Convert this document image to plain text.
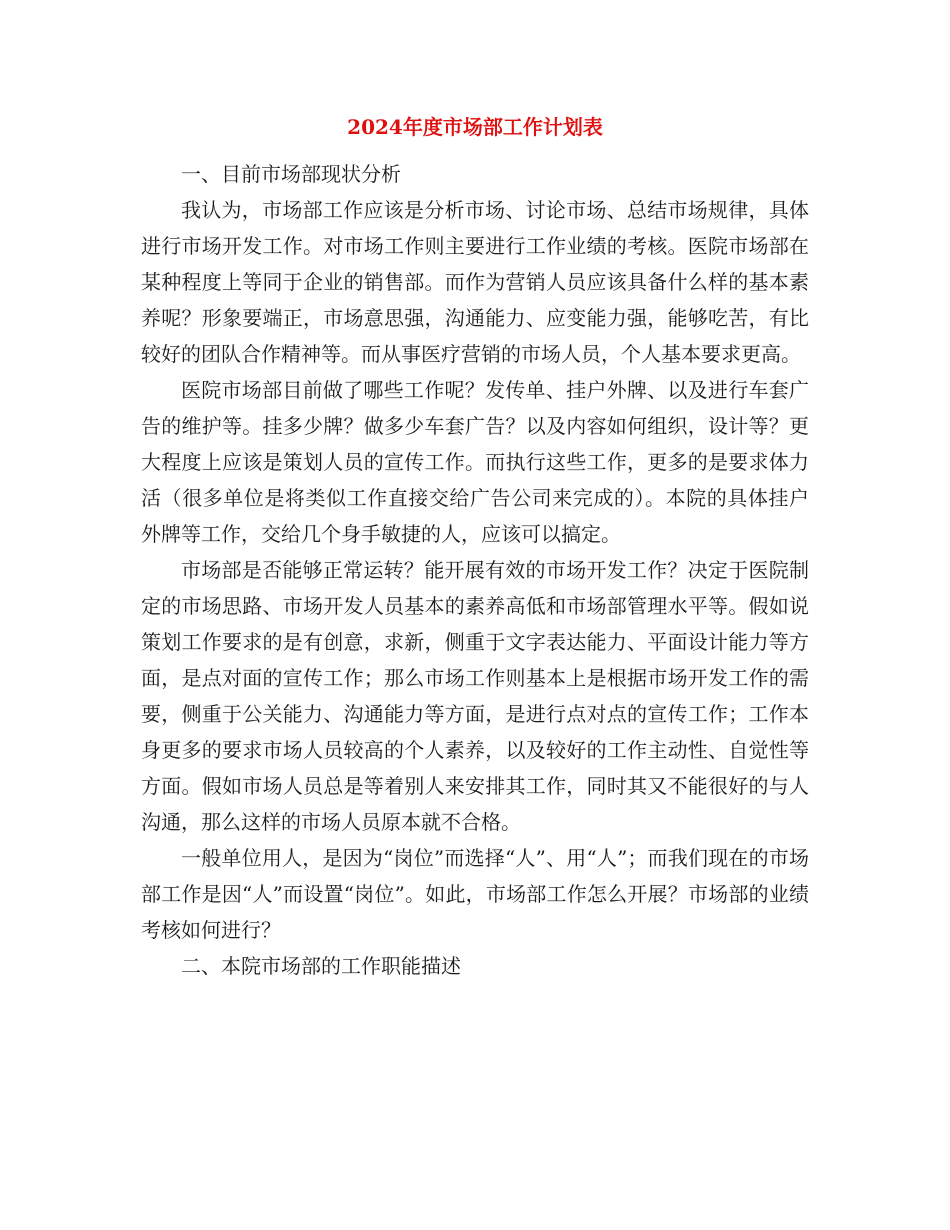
2024年度市场部工作计划表

一、目前市场部现状分析

我认为，市场部工作应该是分析市场、讨论市场、总结市场规律，具体进行市场开发工作。对市场工作则主要进行工作业绩的考核。医院市场部在某种程度上等同于企业的销售部。而作为营销人员应该具备什么样的基本素养呢？形象要端正，市场意思强，沟通能力、应变能力强，能够吃苦，有比较好的团队合作精神等。而从事医疗营销的市场人员，个人基本要求更高。

医院市场部目前做了哪些工作呢？发传单、挂户外牌、以及进行车套广告的维护等。挂多少牌？做多少车套广告？以及内容如何组织，设计等？更大程度上应该是策划人员的宣传工作。而执行这些工作，更多的是要求体力活（很多单位是将类似工作直接交给广告公司来完成的）。本院的具体挂户外牌等工作，交给几个身手敏捷的人，应该可以搞定。

市场部是否能够正常运转？能开展有效的市场开发工作？决定于医院制定的市场思路、市场开发人员基本的素养高低和市场部管理水平等。假如说策划工作要求的是有创意，求新，侧重于文字表达能力、平面设计能力等方面，是点对面的宣传工作；那么市场工作则基本上是根据市场开发工作的需要，侧重于公关能力、沟通能力等方面，是进行点对点的宣传工作；工作本身更多的要求市场人员较高的个人素养，以及较好的工作主动性、自觉性等方面。假如市场人员总是等着别人来安排其工作，同时其又不能很好的与人沟通，那么这样的市场人员原本就不合格。

一般单位用人，是因为“岗位”而选择“人”、用“人”；而我们现在的市场部工作是因“人”而设置“岗位”。如此，市场部工作怎么开展？市场部的业绩考核如何进行？

二、本院市场部的工作职能描述
